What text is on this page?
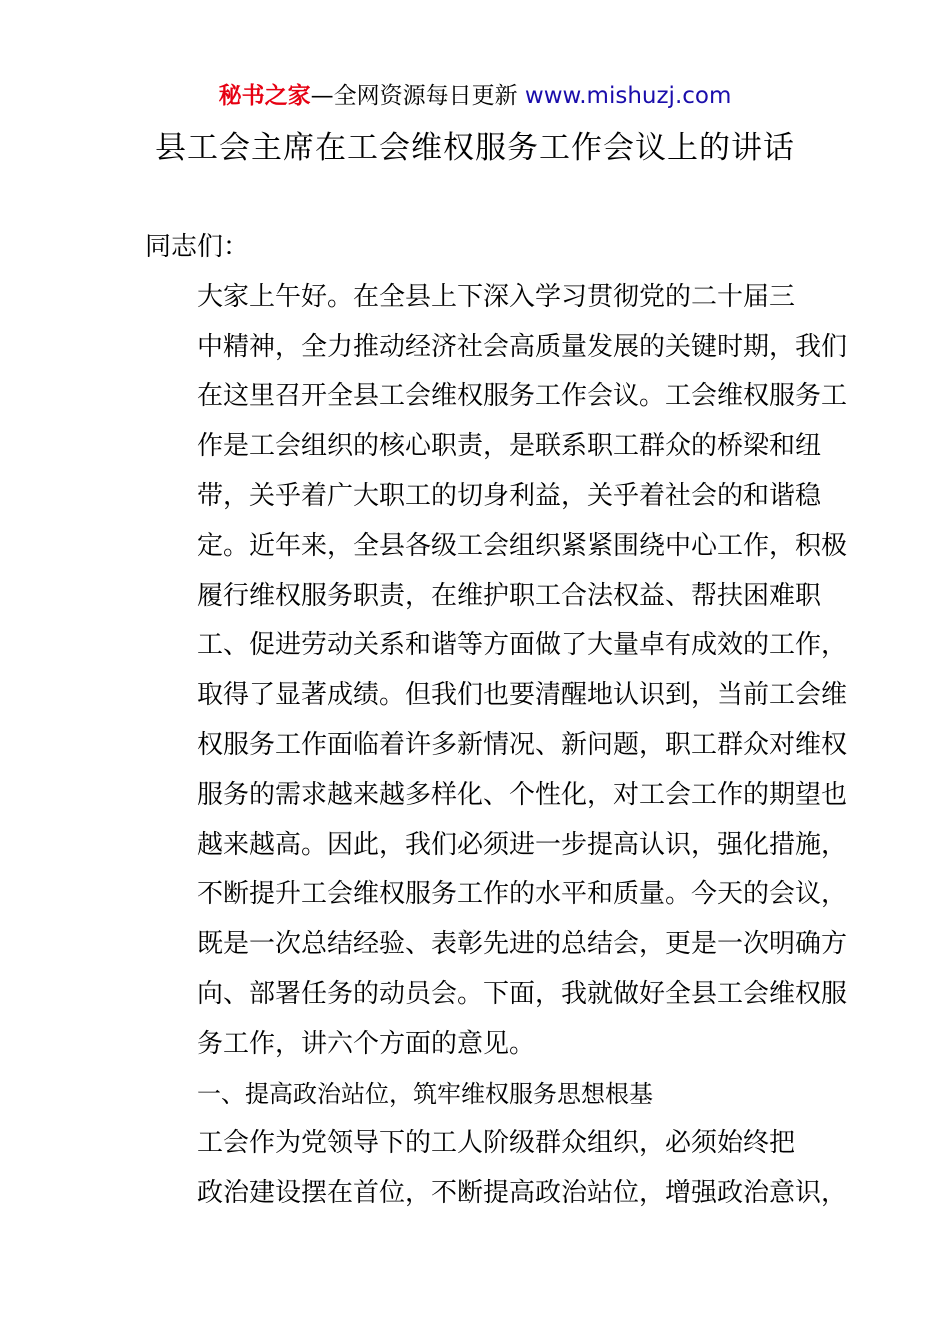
秘书之家—全网资源每日更新 www.mishuzj.com
县工会主席在工会维权服务工作会议上的讲话

同志们：

大家上午好。在全县上下深入学习贯彻党的二十届三
中精神，全力推动经济社会高质量发展的关键时期，我们
在这里召开全县工会维权服务工作会议。工会维权服务工
作是工会组织的核心职责，是联系职工群众的桥梁和纽
带，关乎着广大职工的切身利益，关乎着社会的和谐稳
定。近年来，全县各级工会组织紧紧围绕中心工作，积极
履行维权服务职责，在维护职工合法权益、帮扶困难职
工、促进劳动关系和谐等方面做了大量卓有成效的工作，
取得了显著成绩。但我们也要清醒地认识到，当前工会维
权服务工作面临着许多新情况、新问题，职工群众对维权
服务的需求越来越多样化、个性化，对工会工作的期望也
越来越高。因此，我们必须进一步提高认识，强化措施，
不断提升工会维权服务工作的水平和质量。今天的会议，
既是一次总结经验、表彰先进的总结会，更是一次明确方
向、部署任务的动员会。下面，我就做好全县工会维权服
务工作，讲六个方面的意见。

一、提高政治站位，筑牢维权服务思想根基

工会作为党领导下的工人阶级群众组织，必须始终把
政治建设摆在首位，不断提高政治站位，增强政治意识，
